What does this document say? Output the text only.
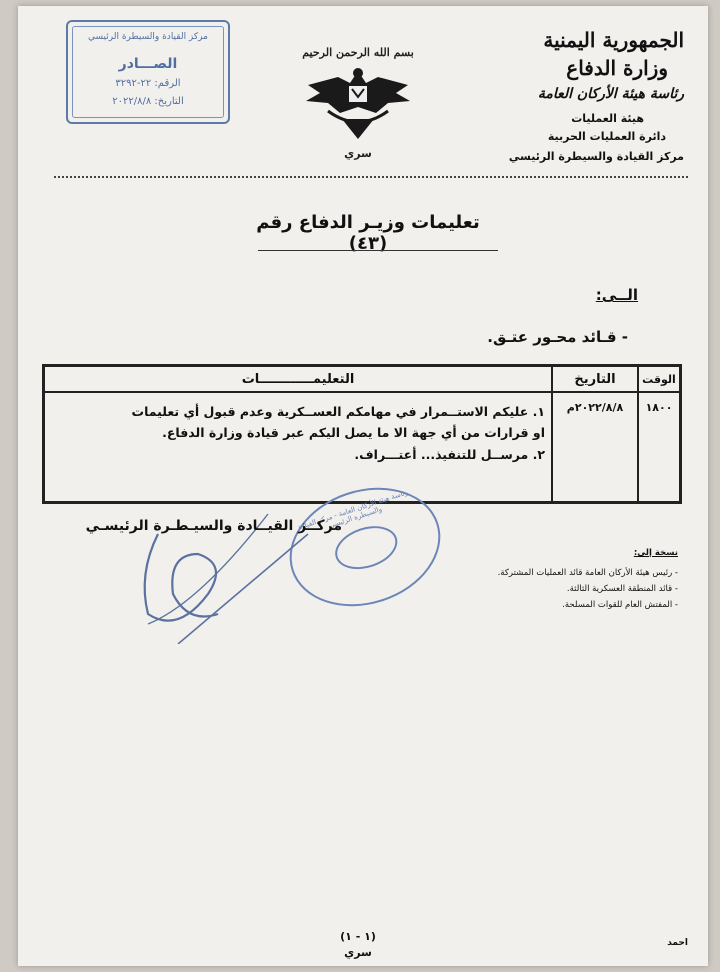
مركز القيادة والسيطرة الرئيسي
الصـــادر
الرقم: ٢٢-٣٢٩٢
التاريخ: ٢٠٢٢/٨/٨
بسم الله الرحمن الرحيم
سري
الجمهورية اليمنية
وزارة الدفاع
رئاسة هيئة الأركان العامة
هيئة العمليات
دائرة العمليات الحربية
مركز القيادة والسيطرة الرئيسي
تعليمات وزيـر الدفاع رقم (٤٣)
الــى:
- قـائد محـور عتـق.
الوقت	التاريخ	التعليمــــــــــــات
١٨٠٠	٢٠٢٢/٨/٨م	١. عليكم الاستــمرار في مهامكم العســكرية وعدم قبول أي تعليمات
او قرارات من أي جهة الا ما يصل اليكم عبر قيادة وزارة الدفاع.
٢. مرســل للتنفيذ... أعتـــراف.
رئاسة هيئة الأركان العامة - مركز القيادة والسيطرة الرئيسي
مركــز القيــادة والسيـطـرة الرئيسـي
نسخة إلى:
- رئيس هيئة الأركان العامة قائد العمليات المشتركة.
- قائد المنطقة العسكرية الثالثة.
- المفتش العام للقوات المسلحة.
(١ - ١)
سري
احمد
